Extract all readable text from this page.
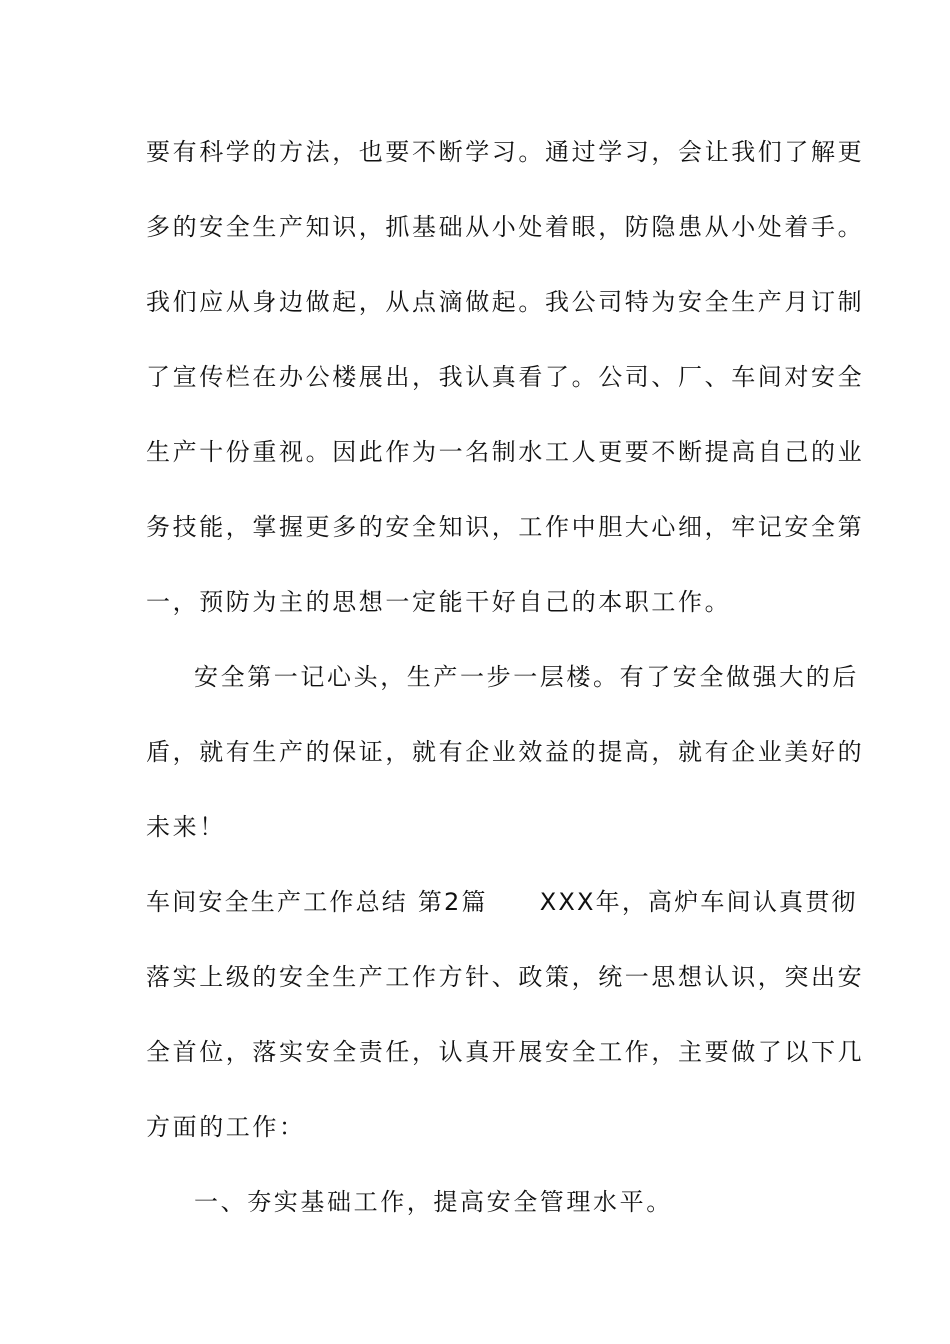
要有科学的方法，也要不断学习。通过学习，会让我们了解更
多的安全生产知识，抓基础从小处着眼，防隐患从小处着手。
我们应从身边做起，从点滴做起。我公司特为安全生产月订制
了宣传栏在办公楼展出，我认真看了。公司、厂、车间对安全
生产十份重视。因此作为一名制水工人更要不断提高自己的业
务技能，掌握更多的安全知识，工作中胆大心细，牢记安全第
一，预防为主的思想一定能干好自己的本职工作。
安全第一记心头，生产一步一层楼。有了安全做强大的后
盾，就有生产的保证，就有企业效益的提高，就有企业美好的
未来！
车间安全生产工作总结 第2篇 XXX年，高炉车间认真贯彻
落实上级的安全生产工作方针、政策，统一思想认识，突出安
全首位，落实安全责任，认真开展安全工作，主要做了以下几
方面的工作：
一、夯实基础工作，提高安全管理水平。
